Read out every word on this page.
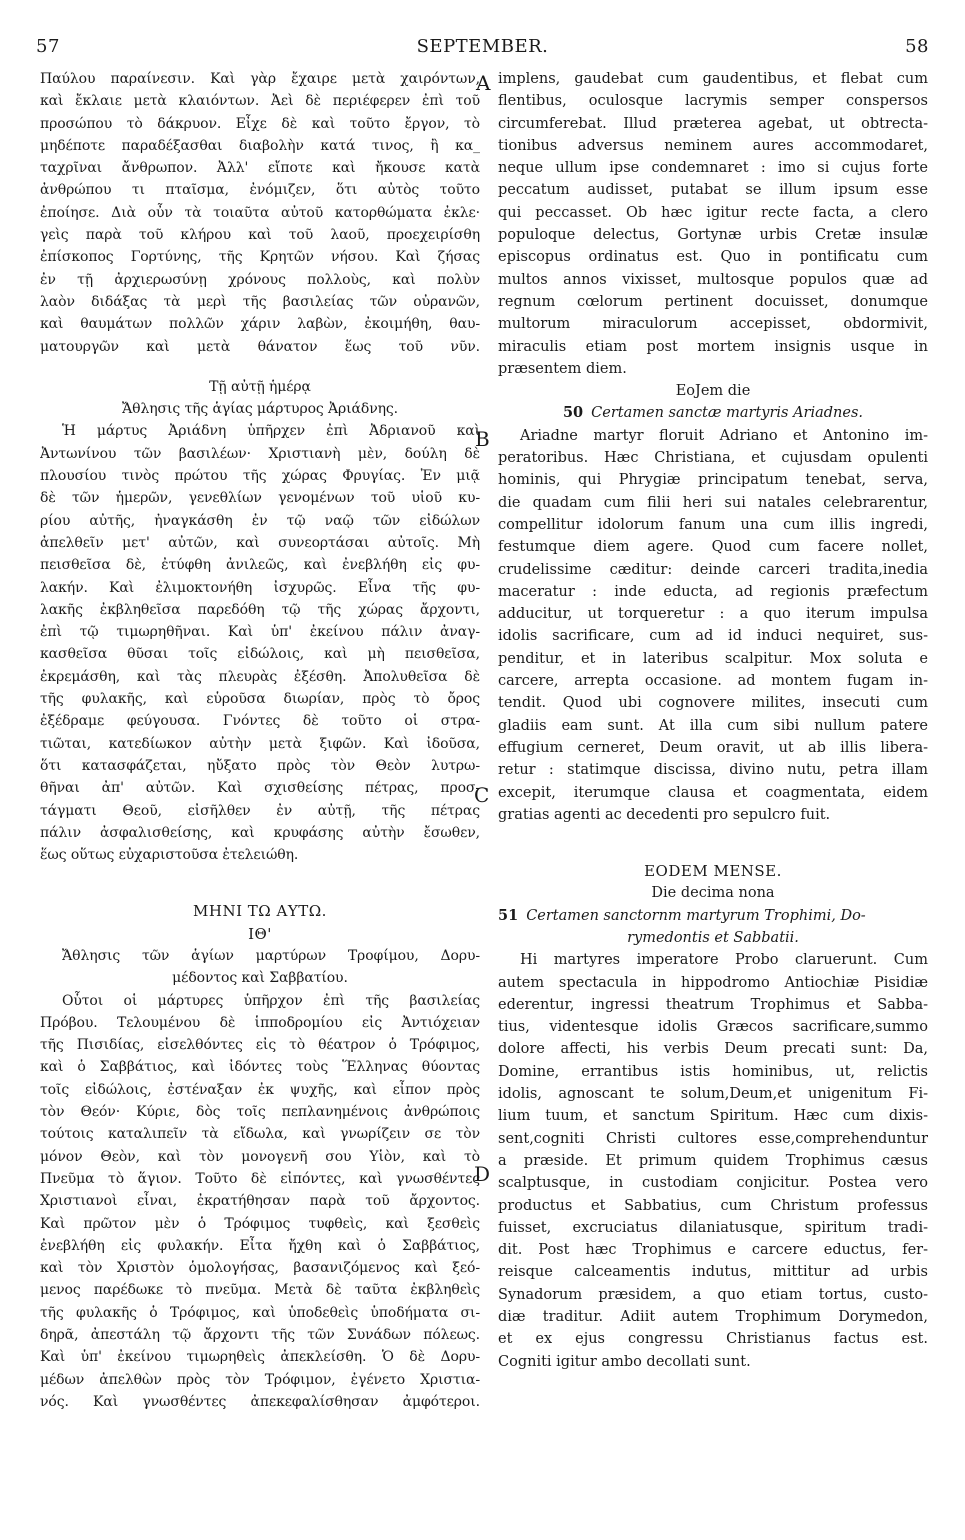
57	SEPTEMBER.	58
A
B
C
D
Παύλου παραίνεσιν. Καὶ γὰρ ἔχαιρε μετὰ χαιρόντων,
καὶ ἔκλαιε μετὰ κλαιόντων. Ἀεὶ δὲ περιέφερεν ἐπὶ τοῦ
προσώπου τὸ δάκρυον. Εἶχε δὲ καὶ τοῦτο ἔργον, τὸ
μηδέποτε παραδέξασθαι διαβολὴν κατά τινος, ἢ κα_
ταχρῖναι ἄνθρωπον. Ἀλλ' εἴποτε καὶ ἤκουσε κατὰ
ἀνθρώπου τι πταῖσμα, ἐνόμιζεν, ὅτι αὐτὸς τοῦτο
ἐποίησε. Διὰ οὖν τὰ τοιαῦτα αὐτοῦ κατορθώματα ἐκλε·
γεὶς παρὰ τοῦ κλήρου καὶ τοῦ λαοῦ, προεχειρίσθη
ἐπίσκοπος Γορτύνης, τῆς Κρητῶν νήσου. Καὶ ζήσας
ἐν τῇ ἀρχιερωσύνῃ χρόνους πολλοὺς, καὶ πολὺν
λαὸν διδάξας τὰ μερὶ τῆς βασιλείας τῶν οὐρανῶν,
καὶ θαυμάτων πολλῶν χάριν λαβὼν, ἐκοιμήθη, θαυ-
ματουργῶν καὶ μετὰ θάνατον ἕως τοῦ νῦν.
Τῇ αὐτῇ ἡμέρᾳ
Ἄθλησις τῆς ἁγίας μάρτυρος Ἀριάδνης.
Ἡ μάρτυς Ἀριάδνη ὑπῆρχεν ἐπὶ Ἀδριανοῦ καὶ
Ἀντωνίνου τῶν βασιλέων· Χριστιανὴ μὲν, δούλη δὲ
πλουσίου τινὸς πρώτου τῆς χώρας Φρυγίας. Ἐν μιᾷ
δὲ τῶν ἡμερῶν, γενεθλίων γενομένων τοῦ υἱοῦ κυ-
ρίου αὐτῆς, ἠναγκάσθη ἐν τῷ ναῷ τῶν εἰδώλων
ἀπελθεῖν μετ' αὐτῶν, καὶ συνεορτάσαι αὐτοῖς. Μὴ
πεισθεῖσα δὲ, ἐτύφθη ἀνιλεῶς, καὶ ἐνεβλήθη εἰς φυ-
λακήν. Καὶ ἐλιμοκτονήθη ἰσχυρῶς. Εἶνα τῆς φυ-
λακῆς ἐκβληθεῖσα παρεδόθη τῷ τῆς χώρας ἄρχοντι,
ἐπὶ τῷ τιμωρηθῆναι. Καὶ ὑπ' ἐκείνου πάλιν ἀναγ-
κασθεῖσα θῦσαι τοῖς εἰδώλοις, καὶ μὴ πεισθεῖσα,
ἐκρεμάσθη, καὶ τὰς πλευρὰς ἐξέσθη. Ἀπολυθεῖσα δὲ
τῆς φυλακῆς, καὶ εὑροῦσα διωρίαν, πρὸς τὸ ὄρος
ἐξέδραμε φεύγουσα. Γνόντες δὲ τοῦτο οἱ στρα-
τιῶται, κατεδίωκον αὐτὴν μετὰ ξιφῶν. Καὶ ἰδοῦσα,
ὅτι κατασφάζεται, ηὔξατο πρὸς τὸν Θεὸν λυτρω-
θῆναι ἀπ' αὐτῶν. Καὶ σχισθείσης πέτρας, προσ-
τάγματι Θεοῦ, εἰσῆλθεν ἐν αὐτῇ, τῆς πέτρας
πάλιν ἀσφαλισθείσης, καὶ κρυφάσης αὐτὴν ἔσωθεν,
ἕως οὕτως εὐχαριστοῦσα ἐτελειώθη.
ΜΗΝΙ ΤΩ ΑΥΤΩ.
ΙΘ'
Ἄθλησις τῶν ἁγίων μαρτύρων Τροφίμου, Δορυ-
μέδοντος καὶ Σαββατίου.
Οὗτοι οἱ μάρτυρες ὑπῆρχον ἐπὶ τῆς βασιλείας
Πρόβου. Τελουμένου δὲ ἱπποδρομίου εἰς Ἀντιόχειαν
τῆς Πισιδίας, εἰσελθόντες εἰς τὸ θέατρον ὁ Τρόφιμος,
καὶ ὁ Σαββάτιος, καὶ ἰδόντες τοὺς Ἕλληνας θύοντας
τοῖς εἰδώλοις, ἐστέναξαν ἐκ ψυχῆς, καὶ εἶπον πρὸς
τὸν Θεόν· Κύριε, δὸς τοῖς πεπλανημένοις ἀνθρώποις
τούτοις καταλιπεῖν τὰ εἴδωλα, καὶ γνωρίζειν σε τὸν
μόνον Θεὸν, καὶ τὸν μονογενῆ σου Υἱὸν, καὶ τὸ
Πνεῦμα τὸ ἅγιον. Τοῦτο δὲ εἰπόντες, καὶ γνωσθέντες
Χριστιανοὶ εἶναι, ἐκρατήθησαν παρὰ τοῦ ἄρχοντος.
Καὶ πρῶτον μὲν ὁ Τρόφιμος τυφθεὶς, καὶ ξεσθεὶς
ἐνεβλήθη εἰς φυλακήν. Εἶτα ἤχθη καὶ ὁ Σαββάτιος,
καὶ τὸν Χριστὸν ὁμολογήσας, βασανιζόμενος καὶ ξεό-
μενος παρέδωκε τὸ πνεῦμα. Μετὰ δὲ ταῦτα ἐκβληθεὶς
τῆς φυλακῆς ὁ Τρόφιμος, καὶ ὑποδεθεὶς ὑποδήματα σι-
δηρᾶ, ἀπεστάλη τῷ ἄρχοντι τῆς τῶν Συνάδων πόλεως.
Καὶ ὑπ' ἐκείνου τιμωρηθεὶς ἀπεκλείσθη. Ὁ δὲ Δορυ-
μέδων ἀπελθὼν πρὸς τὸν Τρόφιμον, ἐγένετο Χριστια-
νός. Καὶ γνωσθέντες ἀπεκεφαλίσθησαν ἀμφότεροι.
implens, gaudebat cum gaudentibus, et flebat cum
flentibus, oculosque lacrymis semper conspersos
circumferebat. Illud præterea agebat, ut obtrecta-
tionibus adversus neminem aures accommodaret,
neque ullum ipse condemnaret : imo si cujus forte
peccatum audisset, putabat se illum ipsum esse
qui peccasset. Ob hæc igitur recte facta, a clero
populoque delectus, Gortynæ urbis Cretæ insulæ
episcopus ordinatus est. Quo in pontificatu cum
multos annos vixisset, multosque populos quæ ad
regnum cœlorum pertinent docuisset, donumque
multorum miraculorum accepisset, obdormivit,
miraculis etiam post mortem insignis usque in
præsentem diem.
EoJem die
50 Certamen sanctæ martyris Ariadnes.
Ariadne martyr floruit Adriano et Antonino im-
peratoribus. Hæc Christiana, et cujusdam opulenti
hominis, qui Phrygiæ principatum tenebat, serva,
die quadam cum filii heri sui natales celebrarentur,
compellitur idolorum fanum una cum illis ingredi,
festumque diem agere. Quod cum facere nollet,
crudelissime cæditur: deinde carceri tradita,inedia
maceratur : inde educta, ad regionis præfectum
adducitur, ut torqueretur : a quo iterum impulsa
idolis sacrificare, cum ad id induci nequiret, sus-
penditur, et in lateribus scalpitur. Mox soluta e
carcere, arrepta occasione. ad montem fugam in-
tendit. Quod ubi cognovere milites, insecuti cum
gladiis eam sunt. At illa cum sibi nullum patere
effugium cerneret, Deum oravit, ut ab illis libera-
retur : statimque discissa, divino nutu, petra illam
excepit, iterumque clausa et coagmentata, eidem
gratias agenti ac decedenti pro sepulcro fuit.
EODEM MENSE.
Die decima nona
51 Certamen sanctornm martyrum Trophimi, Do-
rymedontis et Sabbatii.
Hi martyres imperatore Probo claruerunt. Cum
autem spectacula in hippodromo Antiochiæ Pisidiæ
ederentur, ingressi theatrum Trophimus et Sabba-
tius, videntesque idolis Græcos sacrificare,summo
dolore affecti, his verbis Deum precati sunt: Da,
Domine, errantibus istis hominibus, ut, relictis
idolis, agnoscant te solum,Deum,et unigenitum Fi-
lium tuum, et sanctum Spiritum. Hæc cum dixis-
sent,cogniti Christi cultores esse,comprehenduntur
a præside. Et primum quidem Trophimus cæsus
scalptusque, in custodiam conjicitur. Postea vero
productus et Sabbatius, cum Christum professus
fuisset, excruciatus dilaniatusque, spiritum tradi-
dit. Post hæc Trophimus e carcere eductus, fer-
reisque calceamentis indutus, mittitur ad urbis
Synadorum præsidem, a quo etiam tortus, custo-
diæ traditur. Adiit autem Trophimum Dorymedon,
et ex ejus congressu Christianus factus est.
Cogniti igitur ambo decollati sunt.
